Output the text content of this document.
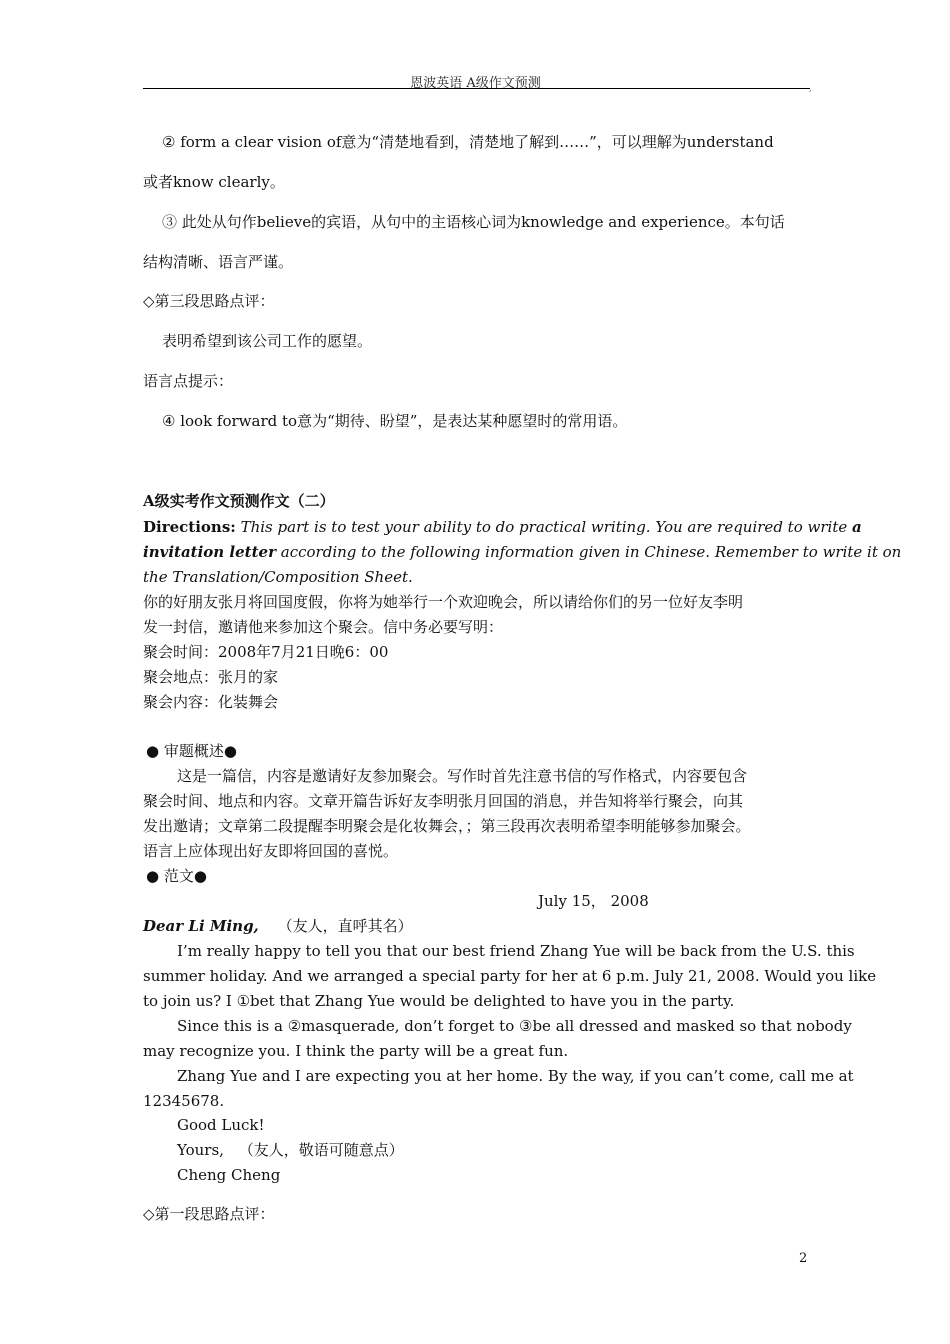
恩波英语 A级作文预测	,
② form a clear vision of意为“清楚地看到，清楚地了解到……”，可以理解为understand
或者know clearly。
③ 此处从句作believe的宾语，从句中的主语核心词为knowledge and experience。本句话
结构清晰、语言严谨。
◇第三段思路点评：
表明希望到该公司工作的愿望。
语言点提示：
④ look forward to意为“期待、盼望”，是表达某种愿望时的常用语。
A级实考作文预测作文（二）
Directions: This part is to test your ability to do practical writing. You are required to write a
invitation letter according to the following information given in Chinese. Remember to write it on
the Translation/Composition Sheet.
你的好朋友张月将回国度假，你将为她举行一个欢迎晚会，所以请给你们的另一位好友李明
发一封信，邀请他来参加这个聚会。信中务必要写明：
聚会时间：2008年7月21日晚6：00
聚会地点：张月的家
聚会内容：化装舞会
● 审题概述●
这是一篇信，内容是邀请好友参加聚会。写作时首先注意书信的写作格式，内容要包含
聚会时间、地点和内容。文章开篇告诉好友李明张月回国的消息，并告知将举行聚会，向其
发出邀请；文章第二段提醒李明聚会是化妆舞会，；第三段再次表明希望李明能够参加聚会。
语言上应体现出好友即将回国的喜悦。
● 范文●
July 15， 2008
Dear Li Ming, （友人，直呼其名）
I’m really happy to tell you that our best friend Zhang Yue will be back from the U.S. this
summer holiday. And we arranged a special party for her at 6 p.m. July 21, 2008. Would you like
to join us? I ①bet that Zhang Yue would be delighted to have you in the party.
Since this is a ②masquerade, don’t forget to ③be all dressed and masked so that nobody
may recognize you. I think the party will be a great fun.
Zhang Yue and I are expecting you at her home. By the way, if you can’t come, call me at
12345678.
Good Luck!
Yours, （友人，敬语可随意点）
Cheng Cheng
◇第一段思路点评：
2
